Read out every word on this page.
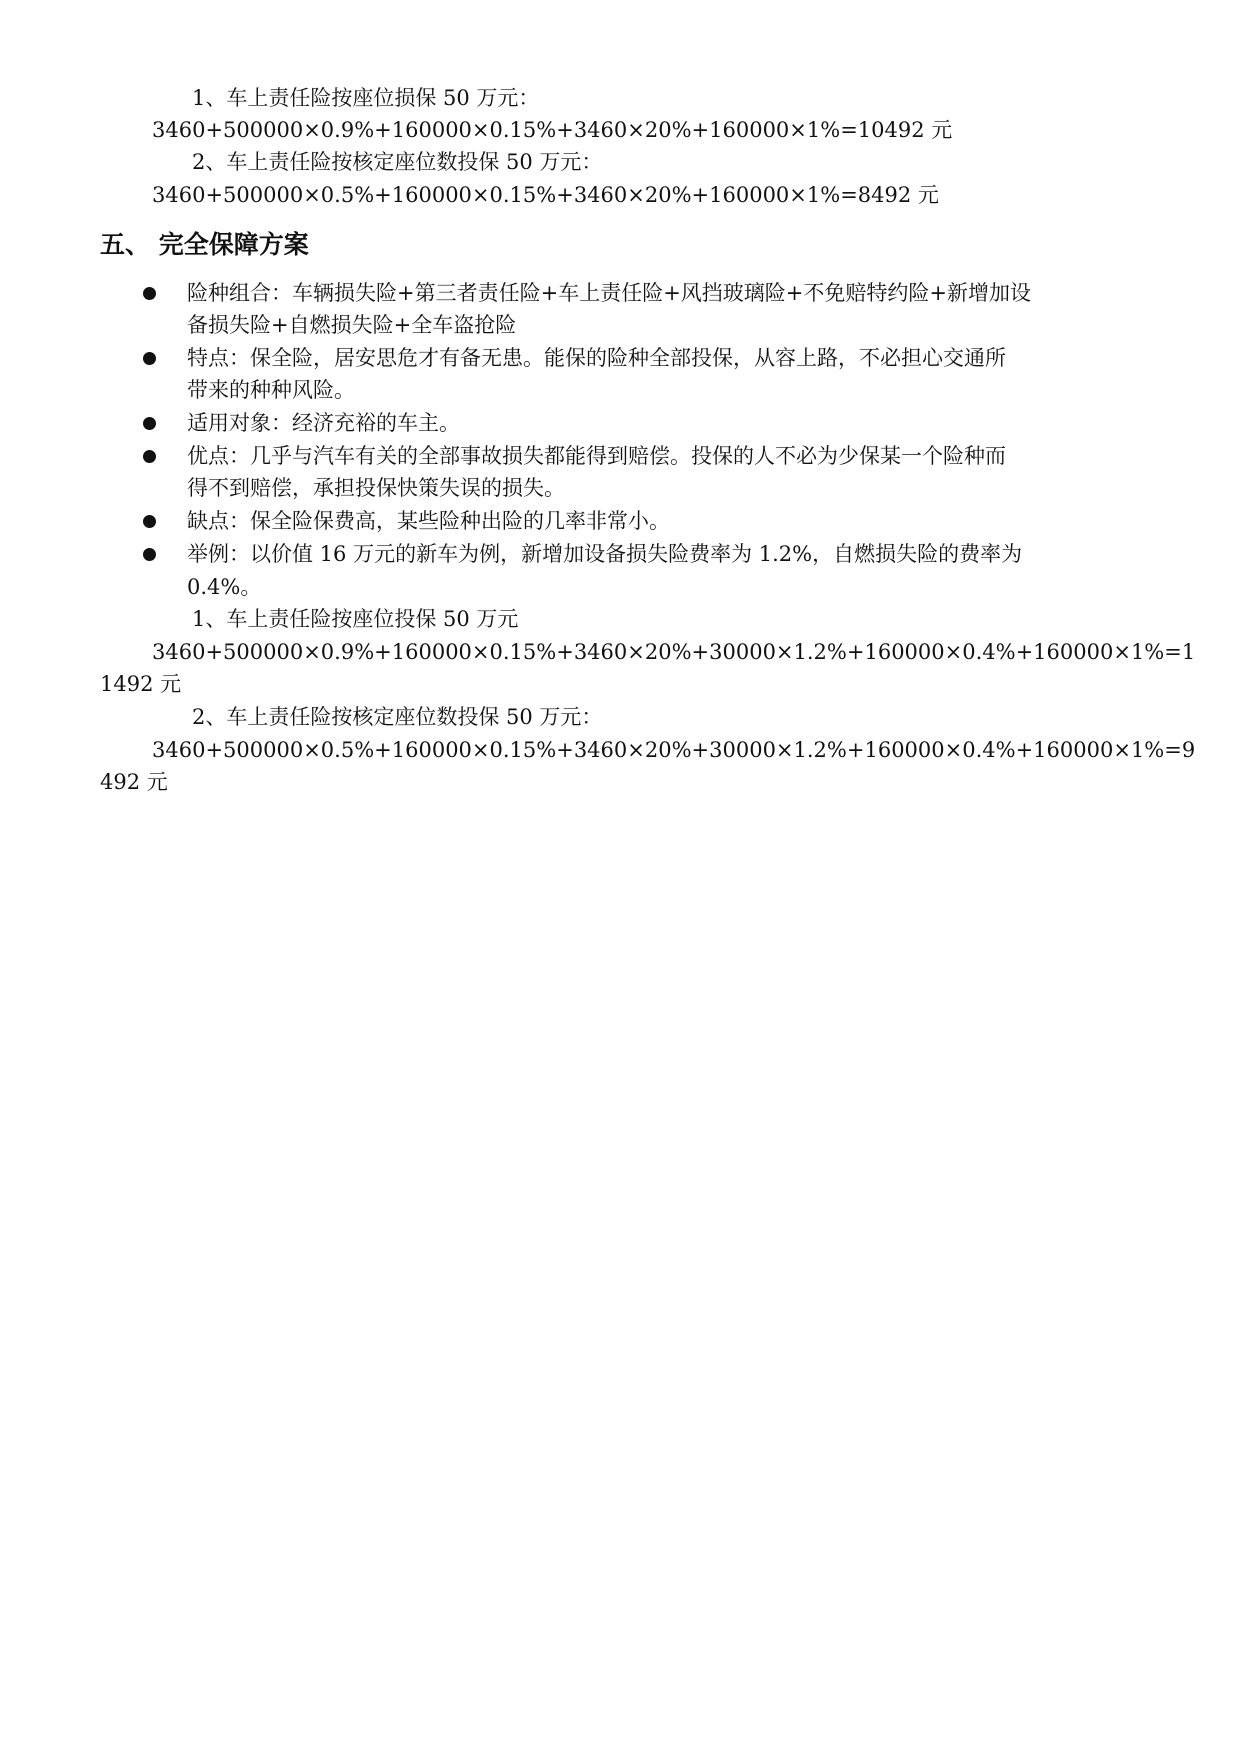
1、车上责任险按座位损保 50 万元：
3460+500000×0.9%+160000×0.15%+3460×20%+160000×1%=10492 元
2、车上责任险按核定座位数投保 50 万元：
3460+500000×0.5%+160000×0.15%+3460×20%+160000×1%=8492 元
五、 完全保障方案
险种组合：车辆损失险+第三者责任险+车上责任险+风挡玻璃险+不免赔特约险+新增加设
备损失险+自燃损失险+全车盗抢险
特点：保全险，居安思危才有备无患。能保的险种全部投保，从容上路，不必担心交通所
带来的种种风险。
适用对象：经济充裕的车主。
优点：几乎与汽车有关的全部事故损失都能得到赔偿。投保的人不必为少保某一个险种而
得不到赔偿，承担投保快策失误的损失。
缺点：保全险保费高，某些险种出险的几率非常小。
举例：以价值 16 万元的新车为例，新增加设备损失险费率为 1.2%，自燃损失险的费率为
0.4%。
1、车上责任险按座位投保 50 万元
3460+500000×0.9%+160000×0.15%+3460×20%+30000×1.2%+160000×0.4%+160000×1%=1
1492 元
2、车上责任险按核定座位数投保 50 万元：
3460+500000×0.5%+160000×0.15%+3460×20%+30000×1.2%+160000×0.4%+160000×1%=9
492 元
